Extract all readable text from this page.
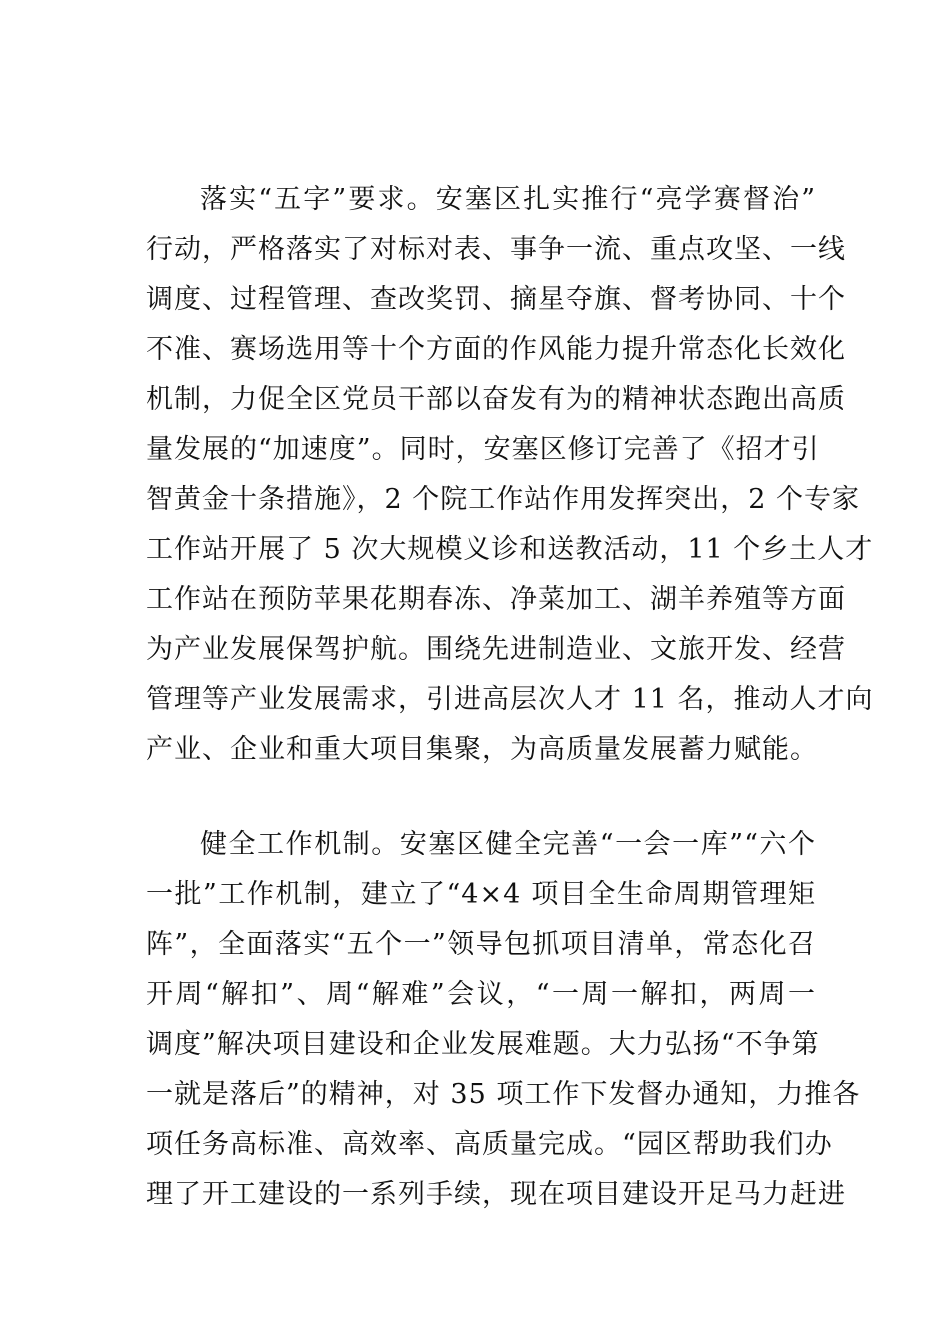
落实“五字”要求。安塞区扎实推行“亮学赛督治”
行动，严格落实了对标对表、事争一流、重点攻坚、一线
调度、过程管理、查改奖罚、摘星夺旗、督考协同、十个
不准、赛场选用等十个方面的作风能力提升常态化长效化
机制，力促全区党员干部以奋发有为的精神状态跑出高质
量发展的“加速度”。同时，安塞区修订完善了《招才引
智黄金十条措施》，2 个院工作站作用发挥突出，2 个专家
工作站开展了 5 次大规模义诊和送教活动，11 个乡土人才
工作站在预防苹果花期春冻、净菜加工、湖羊养殖等方面
为产业发展保驾护航。围绕先进制造业、文旅开发、经营
管理等产业发展需求，引进高层次人才 11 名，推动人才向
产业、企业和重大项目集聚，为高质量发展蓄力赋能。
健全工作机制。安塞区健全完善“一会一库”“六个
一批”工作机制，建立了“4×4 项目全生命周期管理矩
阵”，全面落实“五个一”领导包抓项目清单，常态化召
开周“解扣”、周“解难”会议，“一周一解扣，两周一
调度”解决项目建设和企业发展难题。大力弘扬“不争第
一就是落后”的精神，对 35 项工作下发督办通知，力推各
项任务高标准、高效率、高质量完成。“园区帮助我们办
理了开工建设的一系列手续，现在项目建设开足马力赶进
